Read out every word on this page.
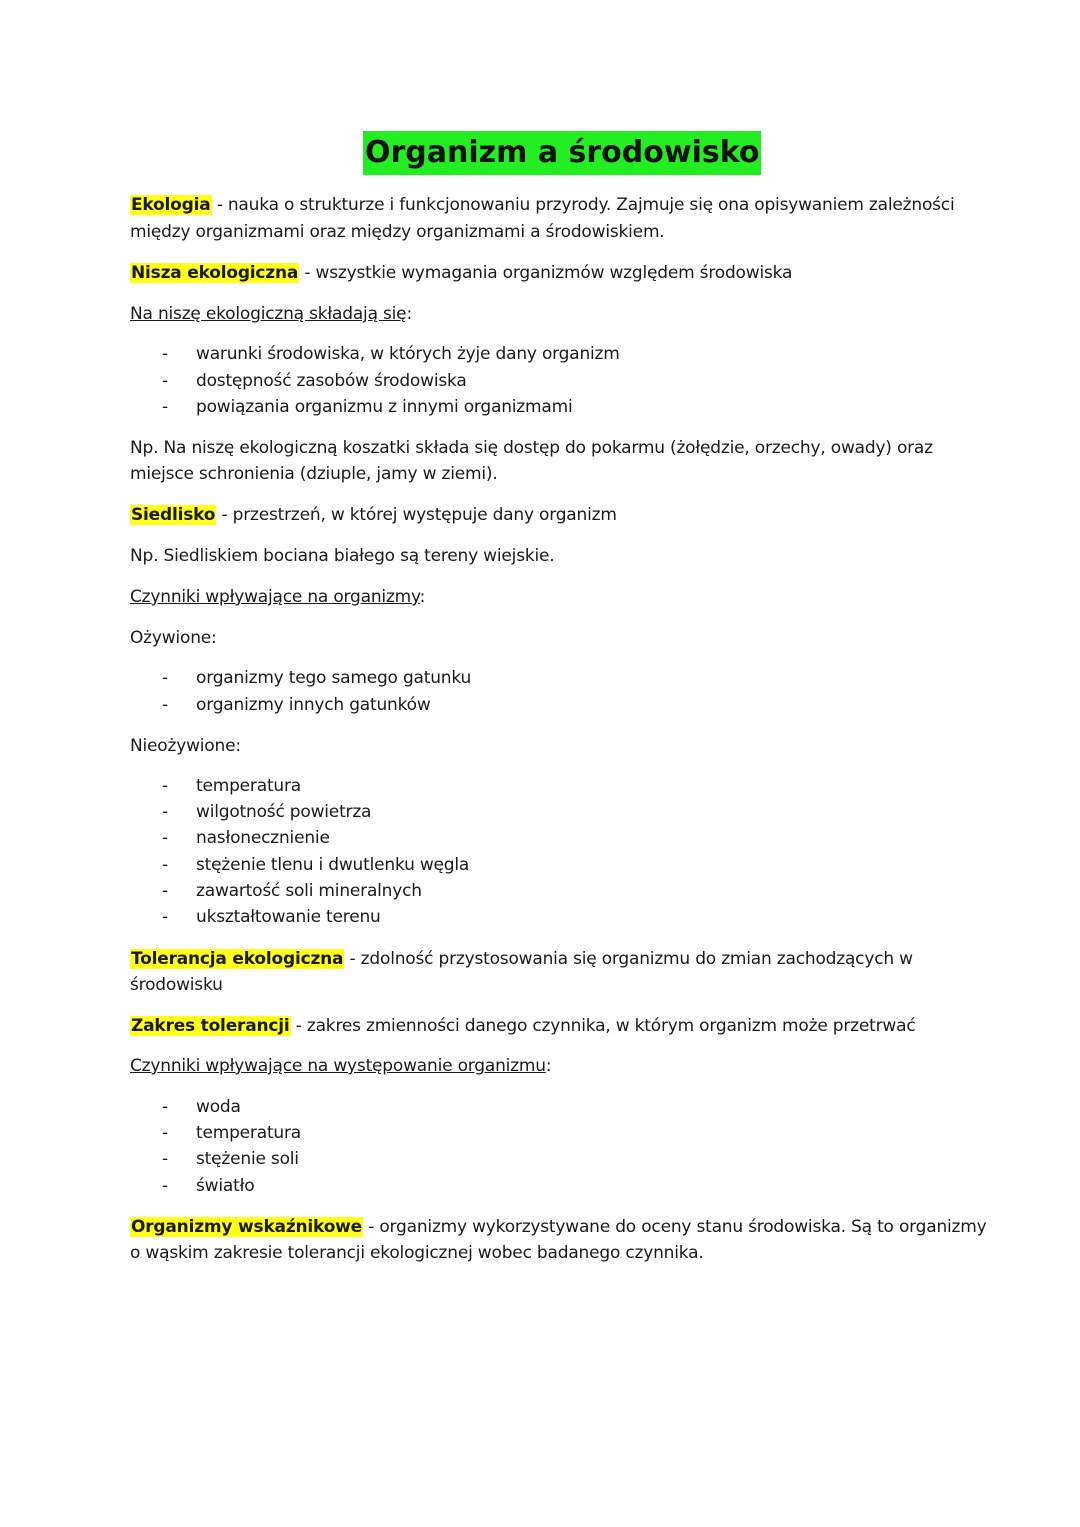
Organizm a środowisko
Ekologia - nauka o strukturze i funkcjonowaniu przyrody. Zajmuje się ona opisywaniem zależności
między organizmami oraz między organizmami a środowiskiem.
Nisza ekologiczna - wszystkie wymagania organizmów względem środowiska
Na niszę ekologiczną składają się:
- warunki środowiska, w których żyje dany organizm
- dostępność zasobów środowiska
- powiązania organizmu z innymi organizmami
Np. Na niszę ekologiczną koszatki składa się dostęp do pokarmu (żołędzie, orzechy, owady) oraz
miejsce schronienia (dziuple, jamy w ziemi).
Siedlisko - przestrzeń, w której występuje dany organizm
Np. Siedliskiem bociana białego są tereny wiejskie.
Czynniki wpływające na organizmy:
Ożywione:
- organizmy tego samego gatunku
- organizmy innych gatunków
Nieożywione:
- temperatura
- wilgotność powietrza
- nasłonecznienie
- stężenie tlenu i dwutlenku węgla
- zawartość soli mineralnych
- ukształtowanie terenu
Tolerancja ekologiczna - zdolność przystosowania się organizmu do zmian zachodzących w
środowisku
Zakres tolerancji - zakres zmienności danego czynnika, w którym organizm może przetrwać
Czynniki wpływające na występowanie organizmu:
- woda
- temperatura
- stężenie soli
- światło
Organizmy wskaźnikowe - organizmy wykorzystywane do oceny stanu środowiska. Są to organizmy
o wąskim zakresie tolerancji ekologicznej wobec badanego czynnika.
